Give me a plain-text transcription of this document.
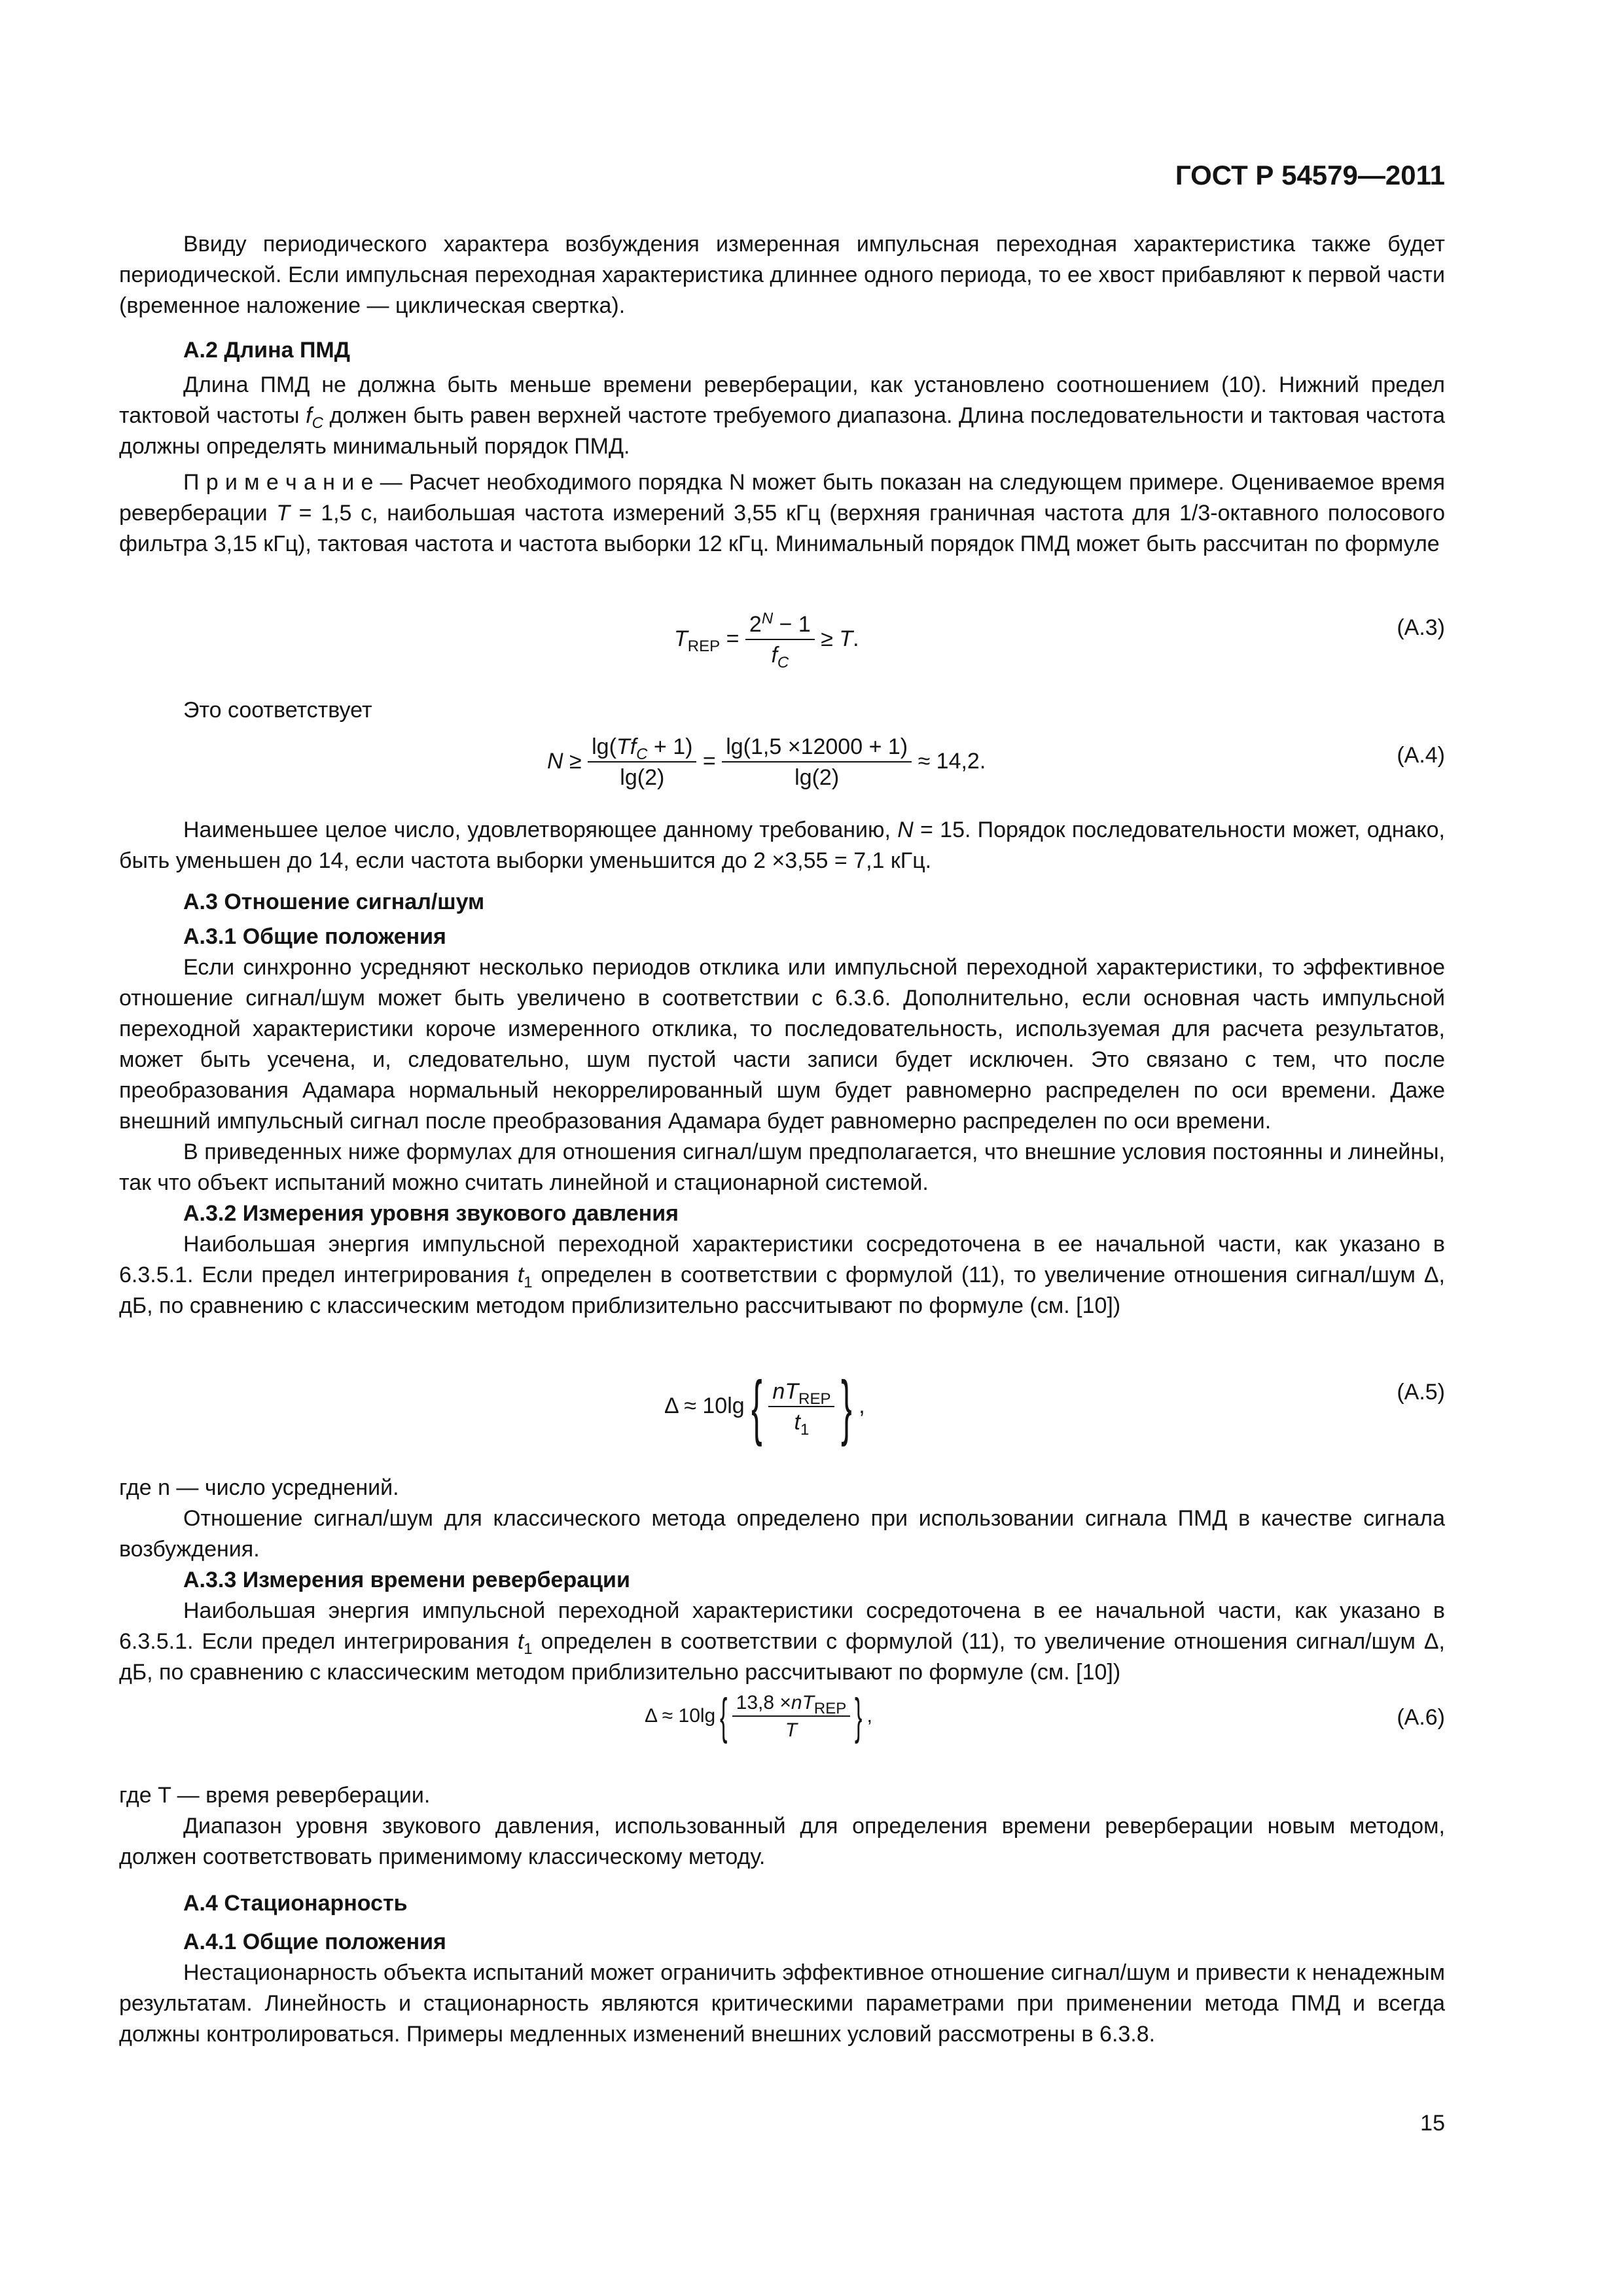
ГОСТ Р 54579—2011

Ввиду периодического характера возбуждения измеренная импульсная переходная характеристика также будет периодической. Если импульсная переходная характеристика длиннее одного периода, то ее хвост прибавляют к первой части (временное наложение — циклическая свертка).

А.2 Длина ПМД

Длина ПМД не должна быть меньше времени реверберации, как установлено соотношением (10). Нижний предел тактовой частоты $f_C$ должен быть равен верхней частоте требуемого диапазона. Длина последовательности и тактовая частота должны определять минимальный порядок ПМД.

П р и м е ч а н и е — Расчет необходимого порядка N может быть показан на следующем примере. Оцениваемое время реверберации T = 1,5 с, наибольшая частота измерений 3,55 кГц (верхняя граничная частота для 1/3-октавного полосового фильтра 3,15 кГц), тактовая частота и частота выборки 12 кГц. Минимальный порядок ПМД может быть рассчитан по формуле

$T_{REP} = \frac{2^N - 1}{f_C} \ge T$.	(А.3)

Это соответствует

$N \ge \frac{\lg(Tf_C + 1)}{\lg(2)} = \frac{\lg(1,5 \times 12000 + 1)}{\lg(2)} \approx 14,2$.	(А.4)

Наименьшее целое число, удовлетворяющее данному требованию, N = 15. Порядок последовательности может, однако, быть уменьшен до 14, если частота выборки уменьшится до 2 ×3,55 = 7,1 кГц.

А.3 Отношение сигнал/шум

А.3.1 Общие положения

Если синхронно усредняют несколько периодов отклика или импульсной переходной характеристики, то эффективное отношение сигнал/шум может быть увеличено в соответствии с 6.3.6. Дополнительно, если основная часть импульсной переходной характеристики короче измеренного отклика, то последовательность, используемая для расчета результатов, может быть усечена, и, следовательно, шум пустой части записи будет исключен. Это связано с тем, что после преобразования Адамара нормальный некоррелированный шум будет равномерно распределен по оси времени. Даже внешний импульсный сигнал после преобразования Адамара будет равномерно распределен по оси времени.

В приведенных ниже формулах для отношения сигнал/шум предполагается, что внешние условия постоянны и линейны, так что объект испытаний можно считать линейной и стационарной системой.

А.3.2 Измерения уровня звукового давления

Наибольшая энергия импульсной переходной характеристики сосредоточена в ее начальной части, как указано в 6.3.5.1. Если предел интегрирования $t_1$ определен в соответствии с формулой (11), то увеличение отношения сигнал/шум Δ, дБ, по сравнению с классическим методом приблизительно рассчитывают по формуле (см. [10])

$\Delta \approx 10\lg\{ \frac{nT_{REP}}{t_1}$ } ,
(А.5)

где n — число усреднений.

Отношение сигнал/шум для классического метода определено при использовании сигнала ПМД в качестве сигнала возбуждения.

А.3.3 Измерения времени реверберации

Наибольшая энергия импульсной переходной характеристики сосредоточена в ее начальной части, как указано в 6.3.5.1. Если предел интегрирования $t_1$ определен в соответствии с формулой (11), то увеличение отношения сигнал/шум Δ, дБ, по сравнению с классическим методом приблизительно рассчитывают по формуле (см. [10])

$\Delta \approx 10\lg\{ \frac{13,8 \times nT_{REP}}{T}$ } ,	(А.6)

где T — время реверберации.

Диапазон уровня звукового давления, использованный для определения времени реверберации новым методом, должен соответствовать применимому классическому методу.

А.4 Стационарность

А.4.1 Общие положения

Нестационарность объекта испытаний может ограничить эффективное отношение сигнал/шум и привести к ненадежным результатам. Линейность и стационарность являются критическими параметрами при применении метода ПМД и всегда должны контролироваться. Примеры медленных изменений внешних условий рассмотрены в 6.3.8.

15
